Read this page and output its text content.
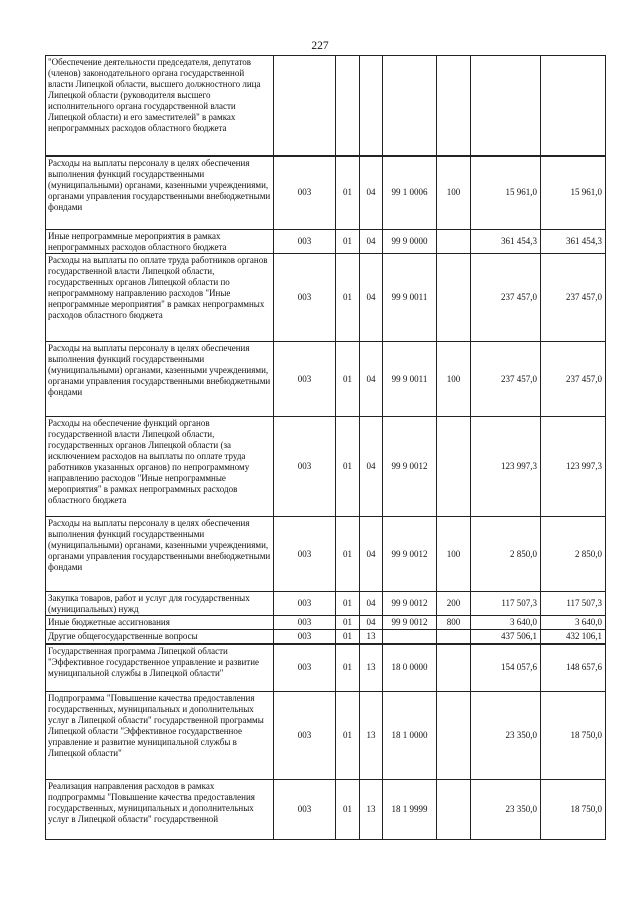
227
"Обеспечение деятельности председателя, депутатов (членов) законодательного органа государственной власти Липецкой области, высшего должностного лица Липецкой области (руководителя высшего исполнительного органа государственной власти Липецкой области) и его заместителей" в рамках непрограммных расходов областного бюджета							
Расходы на выплаты персоналу в целях обеспечения выполнения функций государственными (муниципальными) органами, казенными учреждениями, органами управления государственными внебюджетными фондами	003	01	04	99 1 0006	100	15 961,0	15 961,0
Иные непрограммные мероприятия в рамках непрограммных расходов областного бюджета	003	01	04	99 9 0000		361 454,3	361 454,3
Расходы на выплаты по оплате труда работников органов государственной власти Липецкой области, государственных органов Липецкой области по непрограммному направлению расходов "Иные непрограммные мероприятия" в рамках непрограммных расходов областного бюджета	003	01	04	99 9 0011		237 457,0	237 457,0
Расходы на выплаты персоналу в целях обеспечения выполнения функций государственными (муниципальными) органами, казенными учреждениями, органами управления государственными внебюджетными фондами	003	01	04	99 9 0011	100	237 457,0	237 457,0
Расходы на обеспечение функций органов государственной власти Липецкой области, государственных органов Липецкой области (за исключением расходов на выплаты по оплате труда работников указанных органов) по непрограммному направлению расходов "Иные непрограммные мероприятия" в рамках непрограммных расходов областного бюджета	003	01	04	99 9 0012		123 997,3	123 997,3
Расходы на выплаты персоналу в целях обеспечения выполнения функций государственными (муниципальными) органами, казенными учреждениями, органами управления государственными внебюджетными фондами	003	01	04	99 9 0012	100	2 850,0	2 850,0
Закупка товаров, работ и услуг для государственных (муниципальных) нужд	003	01	04	99 9 0012	200	117 507,3	117 507,3
Иные бюджетные ассигнования	003	01	04	99 9 0012	800	3 640,0	3 640,0
Другие общегосударственные вопросы	003	01	13			437 506,1	432 106,1
Государственная программа Липецкой области "Эффективное государственное управление и развитие муниципальной службы в Липецкой области"	003	01	13	18 0 0000		154 057,6	148 657,6
Подпрограмма "Повышение качества предоставления государственных, муниципальных и дополнительных услуг в Липецкой области" государственной программы Липецкой области "Эффективное государственное управление и развитие муниципальной службы в Липецкой области"	003	01	13	18 1 0000		23 350,0	18 750,0
Реализация направления расходов в рамках подпрограммы "Повышение качества предоставления государственных, муниципальных и дополнительных услуг в Липецкой области" государственной	003	01	13	18 1 9999		23 350,0	18 750,0
